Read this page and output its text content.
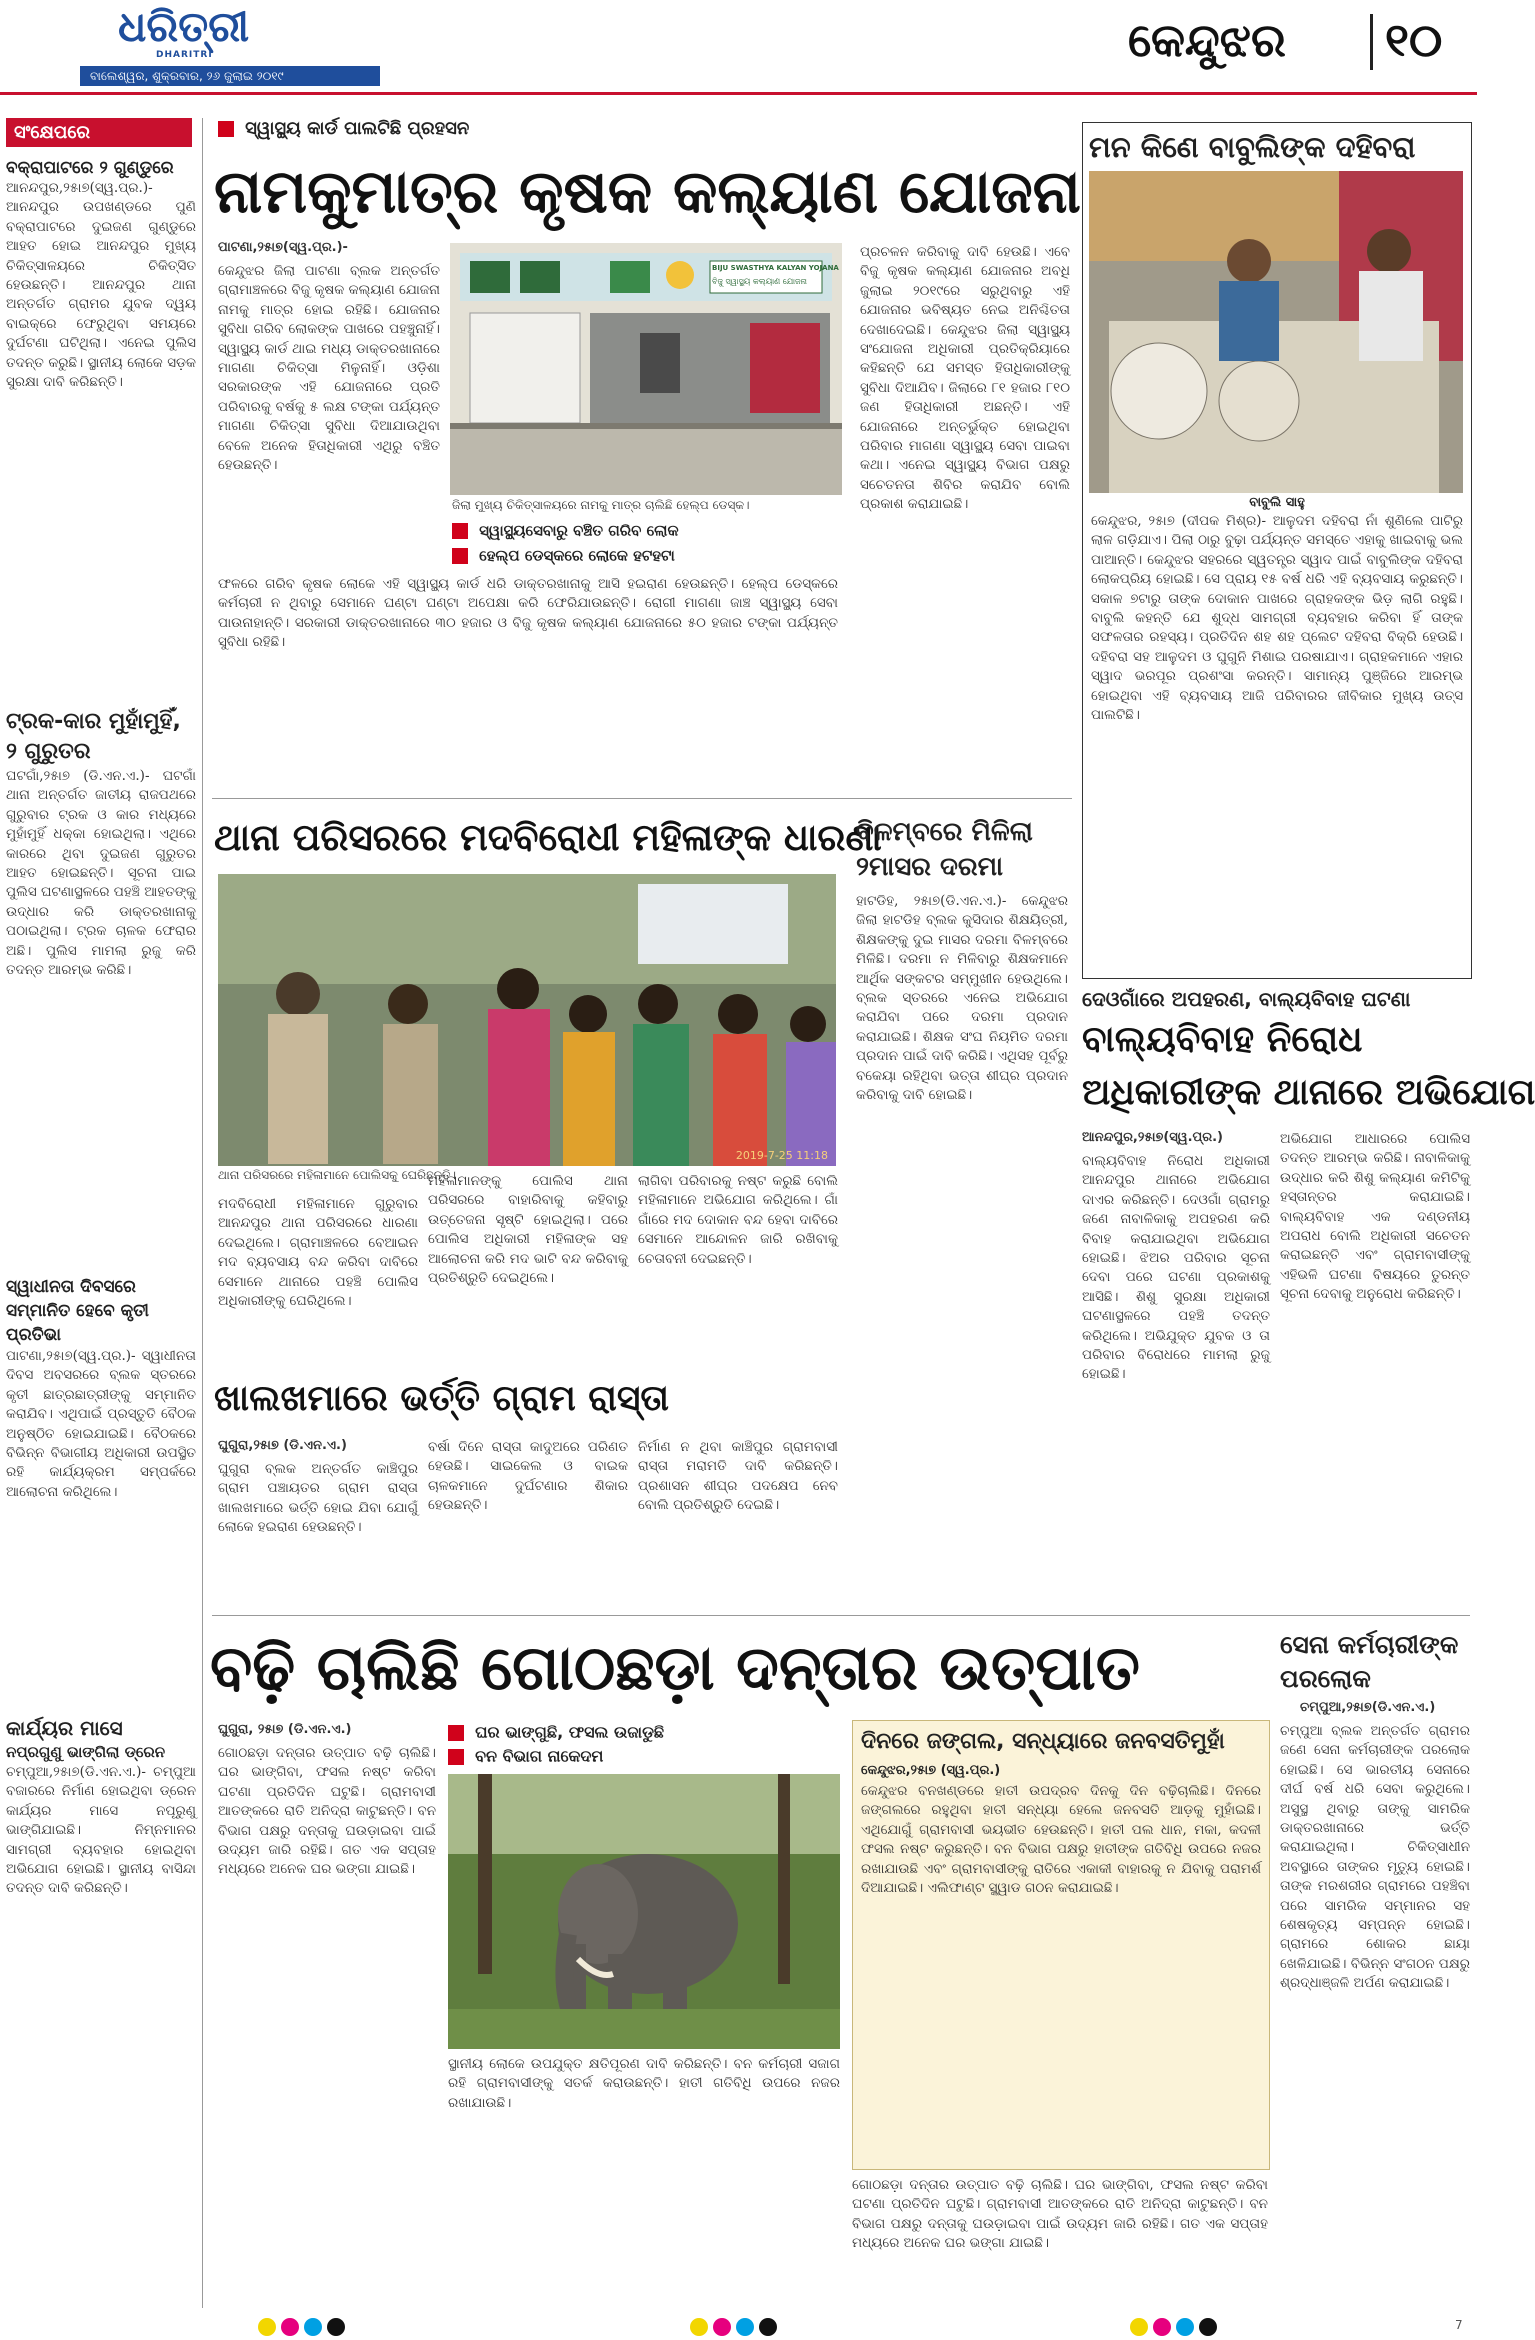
ଧରିତ୍ରୀ
DHARITRI
ବାଲେଶ୍ୱର, ଶୁକ୍ରବାର, ୨୬ ଜୁଲାଇ ୨୦୧୯
କେନ୍ଦୁଝର ୧୦
ସଂକ୍ଷେପରେ
ବକ୍ରାପାଟରେ ୨ ଗୁଣ୍ଡୁରେ
ଆନନ୍ଦପୁର,୨୫ା୭(ସ୍ୱ.ପ୍ର.)-ଆନନ୍ଦପୁର ଉପଖଣ୍ଡରେ ପୁଣି ବକ୍ରାପାଟରେ ଦୁଇଜଣ ଗୁଣ୍ଡୁରେ ଆହତ ହୋଇ ଆନନ୍ଦପୁର ମୁଖ୍ୟ ଚିକିତ୍ସାଳୟରେ ଚିକିତ୍ସିତ ହେଉଛନ୍ତି। ଆନନ୍ଦପୁର ଥାନା ଅନ୍ତର୍ଗତ ଗ୍ରାମର ଯୁବକ ଦ୍ୱୟ ବାଇକ୍‌ରେ ଫେରୁଥିବା ସମୟରେ ଦୁର୍ଘଟଣା ଘଟିଥିଲା। ଏନେଇ ପୁଲିସ ତଦନ୍ତ କରୁଛି। ସ୍ଥାନୀୟ ଲୋକେ ସଡ଼କ ସୁରକ୍ଷା ଦାବି କରିଛନ୍ତି।
ଟ୍ରକ-କାର ମୁହାଁମୁହିଁ, ୨ ଗୁରୁତର
ଘଟଗାଁ,୨୫ା୭ (ଡି.ଏନ.ଏ.)- ଘଟଗାଁ ଥାନା ଅନ୍ତର୍ଗତ ଜାତୀୟ ରାଜପଥରେ ଗୁରୁବାର ଟ୍ରକ ଓ କାର ମଧ୍ୟରେ ମୁହାଁମୁହିଁ ଧକ୍କା ହୋଇଥିଲା। ଏଥିରେ କାରରେ ଥିବା ଦୁଇଜଣ ଗୁରୁତର ଆହତ ହୋଇଛନ୍ତି। ସୂଚନା ପାଇ ପୁଲିସ ଘଟଣାସ୍ଥଳରେ ପହଞ୍ଚି ଆହତଙ୍କୁ ଉଦ୍ଧାର କରି ଡାକ୍ତରଖାନାକୁ ପଠାଇଥିଲା। ଟ୍ରକ ଚାଳକ ଫେରାର ଅଛି। ପୁଲିସ ମାମଲା ରୁଜୁ କରି ତଦନ୍ତ ଆରମ୍ଭ କରିଛି।
ସ୍ୱାଧୀନତା ଦିବସରେ ସମ୍ମାନିତ ହେବେ କୃତୀ ପ୍ରତିଭା
ପାଟଣା,୨୫ା୭(ସ୍ୱ.ପ୍ର.)- ସ୍ୱାଧୀନତା ଦିବସ ଅବସରରେ ବ୍ଲକ ସ୍ତରରେ କୃତୀ ଛାତ୍ରଛାତ୍ରୀଙ୍କୁ ସମ୍ମାନିତ କରାଯିବ। ଏଥିପାଇଁ ପ୍ରସ୍ତୁତି ବୈଠକ ଅନୁଷ୍ଠିତ ହୋଇଯାଇଛି। ବୈଠକରେ ବିଭିନ୍ନ ବିଭାଗୀୟ ଅଧିକାରୀ ଉପସ୍ଥିତ ରହି କାର୍ଯ୍ୟକ୍ରମ ସମ୍ପର୍କରେ ଆଲୋଚନା କରିଥିଲେ।
କାର୍ଯ୍ୟର ମାସେ
ନପ୍ରଗୁଣୁ ଭାଙ୍ଗିଲା ଡ୍ରେନ
ଚମ୍ପୁଆ,୨୫ା୭(ଡି.ଏନ.ଏ.)- ଚମ୍ପୁଆ ବଜାରରେ ନିର୍ମାଣ ହୋଇଥିବା ଡ୍ରେନ କାର୍ଯ୍ୟର ମାସେ ନପୂରୁଣୁ ଭାଙ୍ଗିଯାଇଛି। ନିମ୍ନମାନର ସାମଗ୍ରୀ ବ୍ୟବହାର ହୋଇଥିବା ଅଭିଯୋଗ ହୋଇଛି। ସ୍ଥାନୀୟ ବାସିନ୍ଦା ତଦନ୍ତ ଦାବି କରିଛନ୍ତି।
ସ୍ୱାସ୍ଥ୍ୟ କାର୍ଡ ପାଲଟିଛି ପ୍ରହସନ
ନାମକୁମାତ୍ର କୃଷକ କଲ୍ୟାଣ ଯୋଜନା
ପାଟଣା,୨୫ା୭(ସ୍ୱ.ପ୍ର.)-
କେନ୍ଦୁଝର ଜିଲା ପାଟଣା ବ୍ଲକ ଅନ୍ତର୍ଗତ ଗ୍ରାମାଞ୍ଚଳରେ ବିଜୁ କୃଷକ କଲ୍ୟାଣ ଯୋଜନା ନାମକୁ ମାତ୍ର ହୋଇ ରହିଛି। ଯୋଜନାର ସୁବିଧା ଗରିବ ଲୋକଙ୍କ ପାଖରେ ପହଞ୍ଚୁନାହିଁ। ସ୍ୱାସ୍ଥ୍ୟ କାର୍ଡ ଥାଇ ମଧ୍ୟ ଡାକ୍ତରଖାନାରେ ମାଗଣା ଚିକିତ୍ସା ମିଳୁନାହିଁ। ଓଡ଼ିଶା ସରକାରଙ୍କ ଏହି ଯୋଜନାରେ ପ୍ରତି ପରିବାରକୁ ବର୍ଷକୁ ୫ ଲକ୍ଷ ଟଙ୍କା ପର୍ଯ୍ୟନ୍ତ ମାଗଣା ଚିକିତ୍ସା ସୁବିଧା ଦିଆଯାଉଥିବା ବେଳେ ଅନେକ ହିତାଧିକାରୀ ଏଥିରୁ ବଞ୍ଚିତ ହେଉଛନ୍ତି।
BIJU SWASTHYA KALYAN YOJANA
ବିଜୁ ସ୍ୱାସ୍ଥ୍ୟ କଲ୍ୟାଣ ଯୋଜନା
ଜିଲା ମୁଖ୍ୟ ଚିକିତ୍ସାଳୟରେ ନାମକୁ ମାତ୍ର ଚାଲିଛି ହେଲ୍ପ ଡେସ୍କ।
ସ୍ୱାସ୍ଥ୍ୟସେବାରୁ ବଞ୍ଚିତ ଗରିବ ଲୋକ
ହେଲ୍ପ ଡେସ୍କରେ ଲୋକେ ହଟହଟା
ଫଳରେ ଗରିବ କୃଷକ ଲୋକେ ଏହି ସ୍ୱାସ୍ଥ୍ୟ କାର୍ଡ ଧରି ଡାକ୍ତରଖାନାକୁ ଆସି ହଇରାଣ ହେଉଛନ୍ତି। ହେଲ୍ପ ଡେସ୍କରେ କର୍ମଚାରୀ ନ ଥିବାରୁ ସେମାନେ ଘଣ୍ଟା ଘଣ୍ଟା ଅପେକ୍ଷା କରି ଫେରିଯାଉଛନ୍ତି। ରୋଗୀ ମାଗଣା ଜାଞ୍ଚ ସ୍ୱାସ୍ଥ୍ୟ ସେବା ପାଉନାହାନ୍ତି। ସରକାରୀ ଡାକ୍ତରଖାନାରେ ୩୦ ହଜାର ଓ ବିଜୁ କୃଷକ କଲ୍ୟାଣ ଯୋଜନାରେ ୫୦ ହଜାର ଟଙ୍କା ପର୍ଯ୍ୟନ୍ତ ସୁବିଧା ରହିଛି।
ପ୍ରଚଳନ କରିବାକୁ ଦାବି ହେଉଛି। ଏବେ ବିଜୁ କୃଷକ କଲ୍ୟାଣ ଯୋଜନାର ଅବଧି ଜୁଲାଇ ୨୦୧୯ରେ ସରୁଥିବାରୁ ଏହି ଯୋଜନାର ଭବିଷ୍ୟତ ନେଇ ଅନିଶ୍ଚିତତା ଦେଖାଦେଇଛି। କେନ୍ଦୁଝର ଜିଲା ସ୍ୱାସ୍ଥ୍ୟ ସଂଯୋଜନା ଅଧିକାରୀ ପ୍ରତିକ୍ରିୟାରେ କହିଛନ୍ତି ଯେ ସମସ୍ତ ହିତାଧିକାରୀଙ୍କୁ ସୁବିଧା ଦିଆଯିବ। ଜିଲାରେ ୮୧ ହଜାର ୮୧୦ ଜଣ ହିତାଧିକାରୀ ଅଛନ୍ତି। ଏହି ଯୋଜନାରେ ଅନ୍ତର୍ଭୁକ୍ତ ହୋଇଥିବା ପରିବାର ମାଗଣା ସ୍ୱାସ୍ଥ୍ୟ ସେବା ପାଇବା କଥା। ଏନେଇ ସ୍ୱାସ୍ଥ୍ୟ ବିଭାଗ ପକ୍ଷରୁ ସଚେତନତା ଶିବିର କରାଯିବ ବୋଲି ପ୍ରକାଶ କରାଯାଇଛି।
ମନ କିଣେ ବାବୁଲିଙ୍କ ଦହିବରା
ବାବୁଲି ସାହୁ
କେନ୍ଦୁଝର, ୨୫ା୭ (ଦୀପକ ମିଶ୍ର)- ଆଳୁଦମ ଦହିବରା ନାଁ ଶୁଣିଲେ ପାଟିରୁ ଲାଳ ଗଡ଼ିଯାଏ। ପିଲା ଠାରୁ ବୁଢ଼ା ପର୍ଯ୍ୟନ୍ତ ସମସ୍ତେ ଏହାକୁ ଖାଇବାକୁ ଭଲ ପାଆନ୍ତି। କେନ୍ଦୁଝର ସହରରେ ସ୍ୱତନ୍ତ୍ର ସ୍ୱାଦ ପାଇଁ ବାବୁଲିଙ୍କ ଦହିବରା ଲୋକପ୍ରିୟ ହୋଇଛି। ସେ ପ୍ରାୟ ୧୫ ବର୍ଷ ଧରି ଏହି ବ୍ୟବସାୟ କରୁଛନ୍ତି। ସକାଳ ୭ଟାରୁ ତାଙ୍କ ଦୋକାନ ପାଖରେ ଗ୍ରାହକଙ୍କ ଭିଡ଼ ଲାଗି ରହୁଛି। ବାବୁଲି କହନ୍ତି ଯେ ଶୁଦ୍ଧ ସାମଗ୍ରୀ ବ୍ୟବହାର କରିବା ହିଁ ତାଙ୍କ ସଫଳତାର ରହସ୍ୟ। ପ୍ରତିଦିନ ଶହ ଶହ ପ୍ଲେଟ ଦହିବରା ବିକ୍ରି ହେଉଛି। ଦହିବରା ସହ ଆଳୁଦମ ଓ ଘୁଗୁନି ମିଶାଇ ପରଷାଯାଏ। ଗ୍ରାହକମାନେ ଏହାର ସ୍ୱାଦ ଭରପୂର ପ୍ରଶଂସା କରନ୍ତି। ସାମାନ୍ୟ ପୁଞ୍ଜିରେ ଆରମ୍ଭ ହୋଇଥିବା ଏହି ବ୍ୟବସାୟ ଆଜି ପରିବାରର ଜୀବିକାର ମୁଖ୍ୟ ଉତ୍ସ ପାଲଟିଛି।
ଥାନା ପରିସରରେ ମଦବିରୋଧୀ ମହିଳାଙ୍କ ଧାରଣା
2019-7-25 11:18
ଥାନା ପରିସରରେ ମହିଳାମାନେ ପୋଲିସକୁ ଘେରିଛନ୍ତି।
ମଦବିରୋଧୀ ମହିଳାମାନେ ଗୁରୁବାର ଆନନ୍ଦପୁର ଥାନା ପରିସରରେ ଧାରଣା ଦେଇଥିଲେ। ଗ୍ରାମାଞ୍ଚଳରେ ବେଆଇନ ମଦ ବ୍ୟବସାୟ ବନ୍ଦ କରିବା ଦାବିରେ ସେମାନେ ଥାନାରେ ପହଞ୍ଚି ପୋଲିସ ଅଧିକାରୀଙ୍କୁ ଘେରିଥିଲେ।
ମହିଳାମାନଙ୍କୁ ପୋଲିସ ଥାନା ପରିସରରେ ବାହାରିବାକୁ କହିବାରୁ ଉତ୍ତେଜନା ସୃଷ୍ଟି ହୋଇଥିଲା। ପରେ ପୋଲିସ ଅଧିକାରୀ ମହିଳାଙ୍କ ସହ ଆଲୋଚନା କରି ମଦ ଭାଟି ବନ୍ଦ କରିବାକୁ ପ୍ରତିଶ୍ରୁତି ଦେଇଥିଲେ।
ଲାଗିବା ପରିବାରକୁ ନଷ୍ଟ କରୁଛି ବୋଲି ମହିଳାମାନେ ଅଭିଯୋଗ କରିଥିଲେ। ଗାଁ ଗାଁରେ ମଦ ଦୋକାନ ବନ୍ଦ ହେବା ଦାବିରେ ସେମାନେ ଆନ୍ଦୋଳନ ଜାରି ରଖିବାକୁ ଚେତାବନୀ ଦେଇଛନ୍ତି।
ବିଳମ୍ବରେ ମିଳିଲା
୨ମାସର ଦରମା
ହାଟଡିହ, ୨୫ା୭(ଡି.ଏନ.ଏ.)- କେନ୍ଦୁଝର ଜିଲା ହାଟଡିହ ବ୍ଲକ କୁସିଦାର ଶିକ୍ଷୟିତ୍ରୀ, ଶିକ୍ଷକଙ୍କୁ ଦୁଇ ମାସର ଦରମା ବିଳମ୍ବରେ ମିଳିଛି। ଦରମା ନ ମିଳିବାରୁ ଶିକ୍ଷକମାନେ ଆର୍ଥିକ ସଙ୍କଟର ସମ୍ମୁଖୀନ ହେଉଥିଲେ। ବ୍ଲକ ସ୍ତରରେ ଏନେଇ ଅଭିଯୋଗ କରାଯିବା ପରେ ଦରମା ପ୍ରଦାନ କରାଯାଇଛି। ଶିକ୍ଷକ ସଂଘ ନିୟମିତ ଦରମା ପ୍ରଦାନ ପାଇଁ ଦାବି କରିଛି। ଏଥିସହ ପୂର୍ବରୁ ବକେୟା ରହିଥିବା ଭତ୍ତା ଶୀଘ୍ର ପ୍ରଦାନ କରିବାକୁ ଦାବି ହୋଇଛି।
ଖାଲଖମାରେ ଭର୍ତ୍ତି ଗ୍ରାମ ରାସ୍ତା
ଘୁଗୁରା,୨୫ା୭ (ଡି.ଏନ.ଏ.)
ଘୁଗୁରା ବ୍ଲକ ଅନ୍ତର୍ଗତ କାଞ୍ଚିପୁର ଗ୍ରାମ ପଞ୍ଚାୟତର ଗ୍ରାମ ରାସ୍ତା ଖାଲଖମାରେ ଭର୍ତ୍ତି ହୋଇ ଯିବା ଯୋଗୁଁ ଲୋକେ ହଇରାଣ ହେଉଛନ୍ତି।
ବର୍ଷା ଦିନେ ରାସ୍ତା କାଦୁଅରେ ପରିଣତ ହେଉଛି। ସାଇକେଲ ଓ ବାଇକ ଚାଳକମାନେ ଦୁର୍ଘଟଣାର ଶିକାର ହେଉଛନ୍ତି।
ନିର୍ମାଣ ନ ଥିବା କାଞ୍ଚିପୁର ଗ୍ରାମବାସୀ ରାସ୍ତା ମରାମତି ଦାବି କରିଛନ୍ତି। ପ୍ରଶାସନ ଶୀଘ୍ର ପଦକ୍ଷେପ ନେବ ବୋଲି ପ୍ରତିଶ୍ରୁତି ଦେଇଛି।
ଦେଓଗାଁରେ ଅପହରଣ, ବାଲ୍ୟବିବାହ ଘଟଣା
ବାଲ୍ୟବିବାହ ନିରୋଧ
ଅଧିକାରୀଙ୍କ ଥାନାରେ ଅଭିଯୋଗ
ଆନନ୍ଦପୁର,୨୫ା୭(ସ୍ୱ.ପ୍ର.)
ବାଲ୍ୟବିବାହ ନିରୋଧ ଅଧିକାରୀ ଆନନ୍ଦପୁର ଥାନାରେ ଅଭିଯୋଗ ଦାଏର କରିଛନ୍ତି। ଦେଓଗାଁ ଗ୍ରାମରୁ ଜଣେ ନାବାଳିକାକୁ ଅପହରଣ କରି ବିବାହ କରାଯାଇଥିବା ଅଭିଯୋଗ ହୋଇଛି। ଝିଅର ପରିବାର ସୂଚନା ଦେବା ପରେ ଘଟଣା ପ୍ରକାଶକୁ ଆସିଛି। ଶିଶୁ ସୁରକ୍ଷା ଅଧିକାରୀ ଘଟଣାସ୍ଥଳରେ ପହଞ୍ଚି ତଦନ୍ତ କରିଥିଲେ। ଅଭିଯୁକ୍ତ ଯୁବକ ଓ ତା ପରିବାର ବିରୋଧରେ ମାମଲା ରୁଜୁ ହୋଇଛି।
ଅଭିଯୋଗ ଆଧାରରେ ପୋଲିସ ତଦନ୍ତ ଆରମ୍ଭ କରିଛି। ନାବାଳିକାକୁ ଉଦ୍ଧାର କରି ଶିଶୁ କଲ୍ୟାଣ କମିଟିକୁ ହସ୍ତାନ୍ତର କରାଯାଇଛି। ବାଲ୍ୟବିବାହ ଏକ ଦଣ୍ଡନୀୟ ଅପରାଧ ବୋଲି ଅଧିକାରୀ ସଚେତନ କରାଇଛନ୍ତି ଏବଂ ଗ୍ରାମବାସୀଙ୍କୁ ଏହିଭଳି ଘଟଣା ବିଷୟରେ ତୁରନ୍ତ ସୂଚନା ଦେବାକୁ ଅନୁରୋଧ କରିଛନ୍ତି।
ବଢ଼ି ଚାଲିଛି ଗୋଠଛଡ଼ା ଦନ୍ତାର ଉତ୍ପାତ
ଘୁଗୁରା, ୨୫ା୭ (ଡି.ଏନ.ଏ.)
ଗୋଠଛଡ଼ା ଦନ୍ତାର ଉତ୍ପାତ ବଢ଼ି ଚାଲିଛି। ଘର ଭାଙ୍ଗିବା, ଫସଲ ନଷ୍ଟ କରିବା ଘଟଣା ପ୍ରତିଦିନ ଘଟୁଛି। ଗ୍ରାମବାସୀ ଆତଙ୍କରେ ରାତି ଅନିଦ୍ରା କାଟୁଛନ୍ତି। ବନ ବିଭାଗ ପକ୍ଷରୁ ଦନ୍ତାକୁ ଘଉଡ଼ାଇବା ପାଇଁ ଉଦ୍ୟମ ଜାରି ରହିଛି। ଗତ ଏକ ସପ୍ତାହ ମଧ୍ୟରେ ଅନେକ ଘର ଭଙ୍ଗା ଯାଇଛି।
ଘର ଭାଙ୍ଗୁଛି, ଫସଲ ଉଜାଡୁଛି
ବନ ବିଭାଗ ନାକେଦମ
ସ୍ଥାନୀୟ ଲୋକେ ଉପଯୁକ୍ତ କ୍ଷତିପୂରଣ ଦାବି କରିଛନ୍ତି। ବନ କର୍ମଚାରୀ ସଜାଗ ରହି ଗ୍ରାମବାସୀଙ୍କୁ ସତର୍କ କରାଉଛନ୍ତି। ହାତୀ ଗତିବିଧି ଉପରେ ନଜର ରଖାଯାଉଛି।
ଦିନରେ ଜଙ୍ଗଲ, ସନ୍ଧ୍ୟାରେ ଜନବସତିମୁହାଁ
କେନ୍ଦୁଝର,୨୫ା୭ (ସ୍ୱ.ପ୍ର.)
କେନ୍ଦୁଝର ବନଖଣ୍ଡରେ ହାତୀ ଉପଦ୍ରବ ଦିନକୁ ଦିନ ବଢ଼ିଚାଲିଛି। ଦିନରେ ଜଙ୍ଗଲରେ ରହୁଥିବା ହାତୀ ସନ୍ଧ୍ୟା ହେଲେ ଜନବସତି ଆଡ଼କୁ ମୁହାଁଇଛି। ଏଥିଯୋଗୁଁ ଗ୍ରାମବାସୀ ଭୟଭୀତ ହେଉଛନ୍ତି। ହାତୀ ପଲ ଧାନ, ମକା, କଦଳୀ ଫସଲ ନଷ୍ଟ କରୁଛନ୍ତି। ବନ ବିଭାଗ ପକ୍ଷରୁ ହାତୀଙ୍କ ଗତିବିଧି ଉପରେ ନଜର ରଖାଯାଉଛି ଏବଂ ଗ୍ରାମବାସୀଙ୍କୁ ରାତିରେ ଏକାକୀ ବାହାରକୁ ନ ଯିବାକୁ ପରାମର୍ଶ ଦିଆଯାଇଛି। ଏଲିଫାଣ୍ଟ ସ୍କ୍ୱାଡ ଗଠନ କରାଯାଇଛି।
ଗୋଠଛଡ଼ା ଦନ୍ତାର ଉତ୍ପାତ ବଢ଼ି ଚାଲିଛି। ଘର ଭାଙ୍ଗିବା, ଫସଲ ନଷ୍ଟ କରିବା ଘଟଣା ପ୍ରତିଦିନ ଘଟୁଛି। ଗ୍ରାମବାସୀ ଆତଙ୍କରେ ରାତି ଅନିଦ୍ରା କାଟୁଛନ୍ତି। ବନ ବିଭାଗ ପକ୍ଷରୁ ଦନ୍ତାକୁ ଘଉଡ଼ାଇବା ପାଇଁ ଉଦ୍ୟମ ଜାରି ରହିଛି। ଗତ ଏକ ସପ୍ତାହ ମଧ୍ୟରେ ଅନେକ ଘର ଭଙ୍ଗା ଯାଇଛି।
ସେନା କର୍ମଚାରୀଙ୍କ
ପରଲୋକ
ଚମ୍ପୁଆ,୨୫ା୭(ଡି.ଏନ.ଏ.)
ଚମ୍ପୁଆ ବ୍ଲକ ଅନ୍ତର୍ଗତ ଗ୍ରାମର ଜଣେ ସେନା କର୍ମଚାରୀଙ୍କ ପରଲୋକ ହୋଇଛି। ସେ ଭାରତୀୟ ସେନାରେ ଦୀର୍ଘ ବର୍ଷ ଧରି ସେବା କରୁଥିଲେ। ଅସୁସ୍ଥ ଥିବାରୁ ତାଙ୍କୁ ସାମରିକ ଡାକ୍ତରଖାନାରେ ଭର୍ତ୍ତି କରାଯାଇଥିଲା। ଚିକିତ୍ସାଧୀନ ଅବସ୍ଥାରେ ତାଙ୍କର ମୃତ୍ୟୁ ହୋଇଛି। ତାଙ୍କ ମରଶରୀର ଗ୍ରାମରେ ପହଞ୍ଚିବା ପରେ ସାମରିକ ସମ୍ମାନର ସହ ଶେଷକୃତ୍ୟ ସମ୍ପନ୍ନ ହୋଇଛି। ଗ୍ରାମରେ ଶୋକର ଛାୟା ଖେଳିଯାଇଛି। ବିଭିନ୍ନ ସଂଗଠନ ପକ୍ଷରୁ ଶ୍ରଦ୍ଧାଞ୍ଜଳି ଅର୍ପଣ କରାଯାଇଛି।

7
